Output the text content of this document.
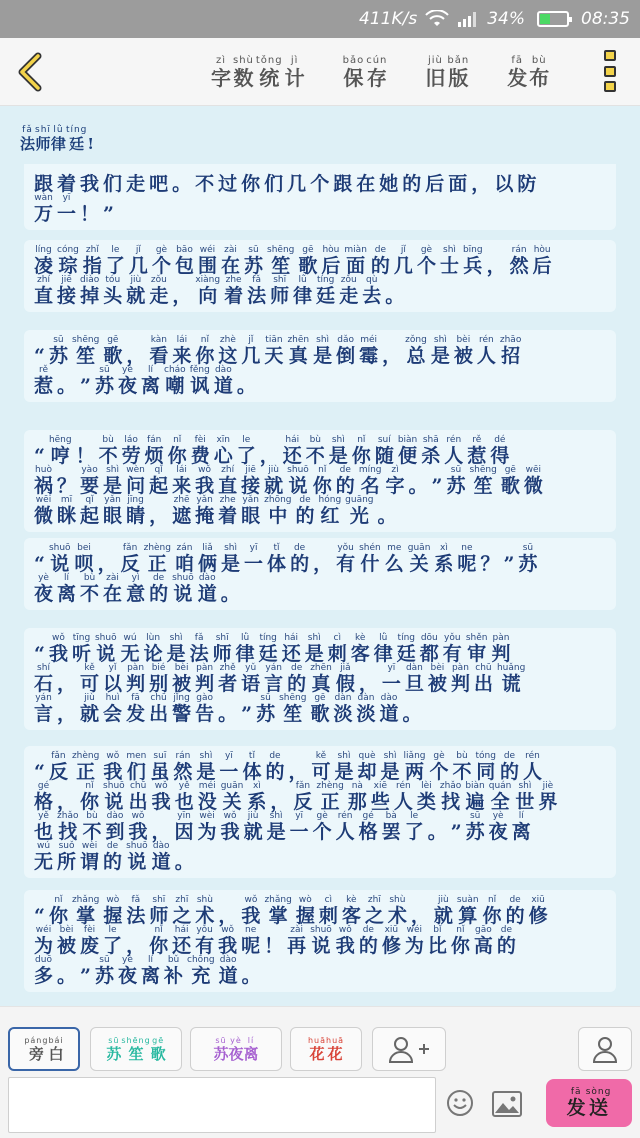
411K/s	34%	08:35
zì
字
shù
数
tǒng
统
jì
计
bǎo
保
cún
存
jiù
旧
bǎn
版
fā
发
bù
布
fǎ
法
shī
师
lǜ
律
tíng
廷
!

跟
着
我
们
走
吧
。
不
过
你
们
几
个
跟
在
她
的
后
面
，
以
防
wàn
万
yī
一
！
”
líng
凌
cóng
琮
zhǐ
指
le
了
jǐ
几
gè
个
bāo
包
wéi
围
zài
在
sū
苏
shēng
笙
gē
歌
hòu
后
miàn
面
de
的
jǐ
几
gè
个
shì
士
bīng
兵
，
rán
然
hòu
后
zhí
直
jiē
接
diào
掉
tóu
头
jiù
就
zǒu
走
，
xiàng
向
zhe
着
fǎ
法
shī
师
lǜ
律
tíng
廷
zǒu
走
qù
去
。

“
sū
苏
shēng
笙
gē
歌
，
kàn
看
lái
来
nǐ
你
zhè
这
jǐ
几
tiān
天
zhēn
真
shì
是
dǎo
倒
méi
霉
，
zǒng
总
shì
是
bèi
被
rén
人
zhāo
招
rě
惹
。
”
sū
苏
yè
夜
lí
离
cháo
嘲
fěng
讽
dào
道
。

“
hēng
哼
！
bù
不
láo
劳
fán
烦
nǐ
你
fèi
费
xīn
心
le
了
，
hái
还
bù
不
shì
是
nǐ
你
suí
随
biàn
便
shā
杀
rén
人
rě
惹
dé
得
huò
祸
？
yào
要
shì
是
wèn
问
qǐ
起
lái
来
wǒ
我
zhí
直
jiē
接
jiù
就
shuō
说
nǐ
你
de
的
míng
名
zì
字
。
”
sū
苏
shēng
笙
gē
歌
wēi
微
wēi
微
mī
眯
qǐ
起
yǎn
眼
jīng
睛
，
zhē
遮
yǎn
掩
zhe
着
yǎn
眼
zhōng
中
de
的
hóng
红
guāng
光
。

“
shuō
说
bei
呗
，
fǎn
反
zhèng
正
zán
咱
liǎ
俩
shì
是
yī
一
tǐ
体
de
的
，
yǒu
有
shén
什
me
么
guān
关
xì
系
ne
呢
？
”
sū
苏
yè
夜
lí
离
bù
不
zài
在
yì
意
de
的
shuō
说
dào
道
。

“
wǒ
我
tīng
听
shuō
说
wú
无
lùn
论
shì
是
fǎ
法
shī
师
lǜ
律
tíng
廷
hái
还
shì
是
cì
刺
kè
客
lǜ
律
tíng
廷
dōu
都
yǒu
有
shěn
审
pàn
判
shí
石
，
kě
可
yǐ
以
pàn
判
bié
别
bèi
被
pàn
判
zhě
者
yǔ
语
yán
言
de
的
zhēn
真
jiǎ
假
，
yī
一
dàn
旦
bèi
被
pàn
判
chū
出
huǎng
谎
yán
言
，
jiù
就
huì
会
fā
发
chū
出
jǐng
警
gào
告
。
”
sū
苏
shēng
笙
gē
歌
dàn
淡
dàn
淡
dào
道
。

“
fǎn
反
zhèng
正
wǒ
我
men
们
suī
虽
rán
然
shì
是
yī
一
tǐ
体
de
的
，
kě
可
shì
是
què
却
shì
是
liǎng
两
gè
个
bù
不
tóng
同
de
的
rén
人
gé
格
，
nǐ
你
shuō
说
chū
出
wǒ
我
yě
也
méi
没
guān
关
xì
系
，
fǎn
反
zhèng
正
nà
那
xiē
些
rén
人
lèi
类
zhǎo
找
biàn
遍
quán
全
shì
世
jiè
界
yě
也
zhǎo
找
bù
不
dào
到
wǒ
我
，
yīn
因
wèi
为
wǒ
我
jiù
就
shì
是
yī
一
gè
个
rén
人
gé
格
bà
罢
le
了
。
”
sū
苏
yè
夜
lí
离
wú
无
suǒ
所
wèi
谓
de
的
shuō
说
dào
道
。

“
nǐ
你
zhǎng
掌
wò
握
fǎ
法
shī
师
zhī
之
shù
术
，
wǒ
我
zhǎng
掌
wò
握
cì
刺
kè
客
zhī
之
shù
术
，
jiù
就
suàn
算
nǐ
你
de
的
xiū
修
wéi
为
bèi
被
fèi
废
le
了
，
nǐ
你
hái
还
yǒu
有
wǒ
我
ne
呢
！
zài
再
shuō
说
wǒ
我
de
的
xiū
修
wéi
为
bǐ
比
nǐ
你
gāo
高
de
的
duō
多
。
”
sū
苏
yè
夜
lí
离
bǔ
补
chōng
充
dào
道
。
páng
旁
bái
白
sū
苏
shēng
笙
gē
歌
sū
苏
yè
夜
lí
离
huā
花
huā
花
fā
发
sòng
送
